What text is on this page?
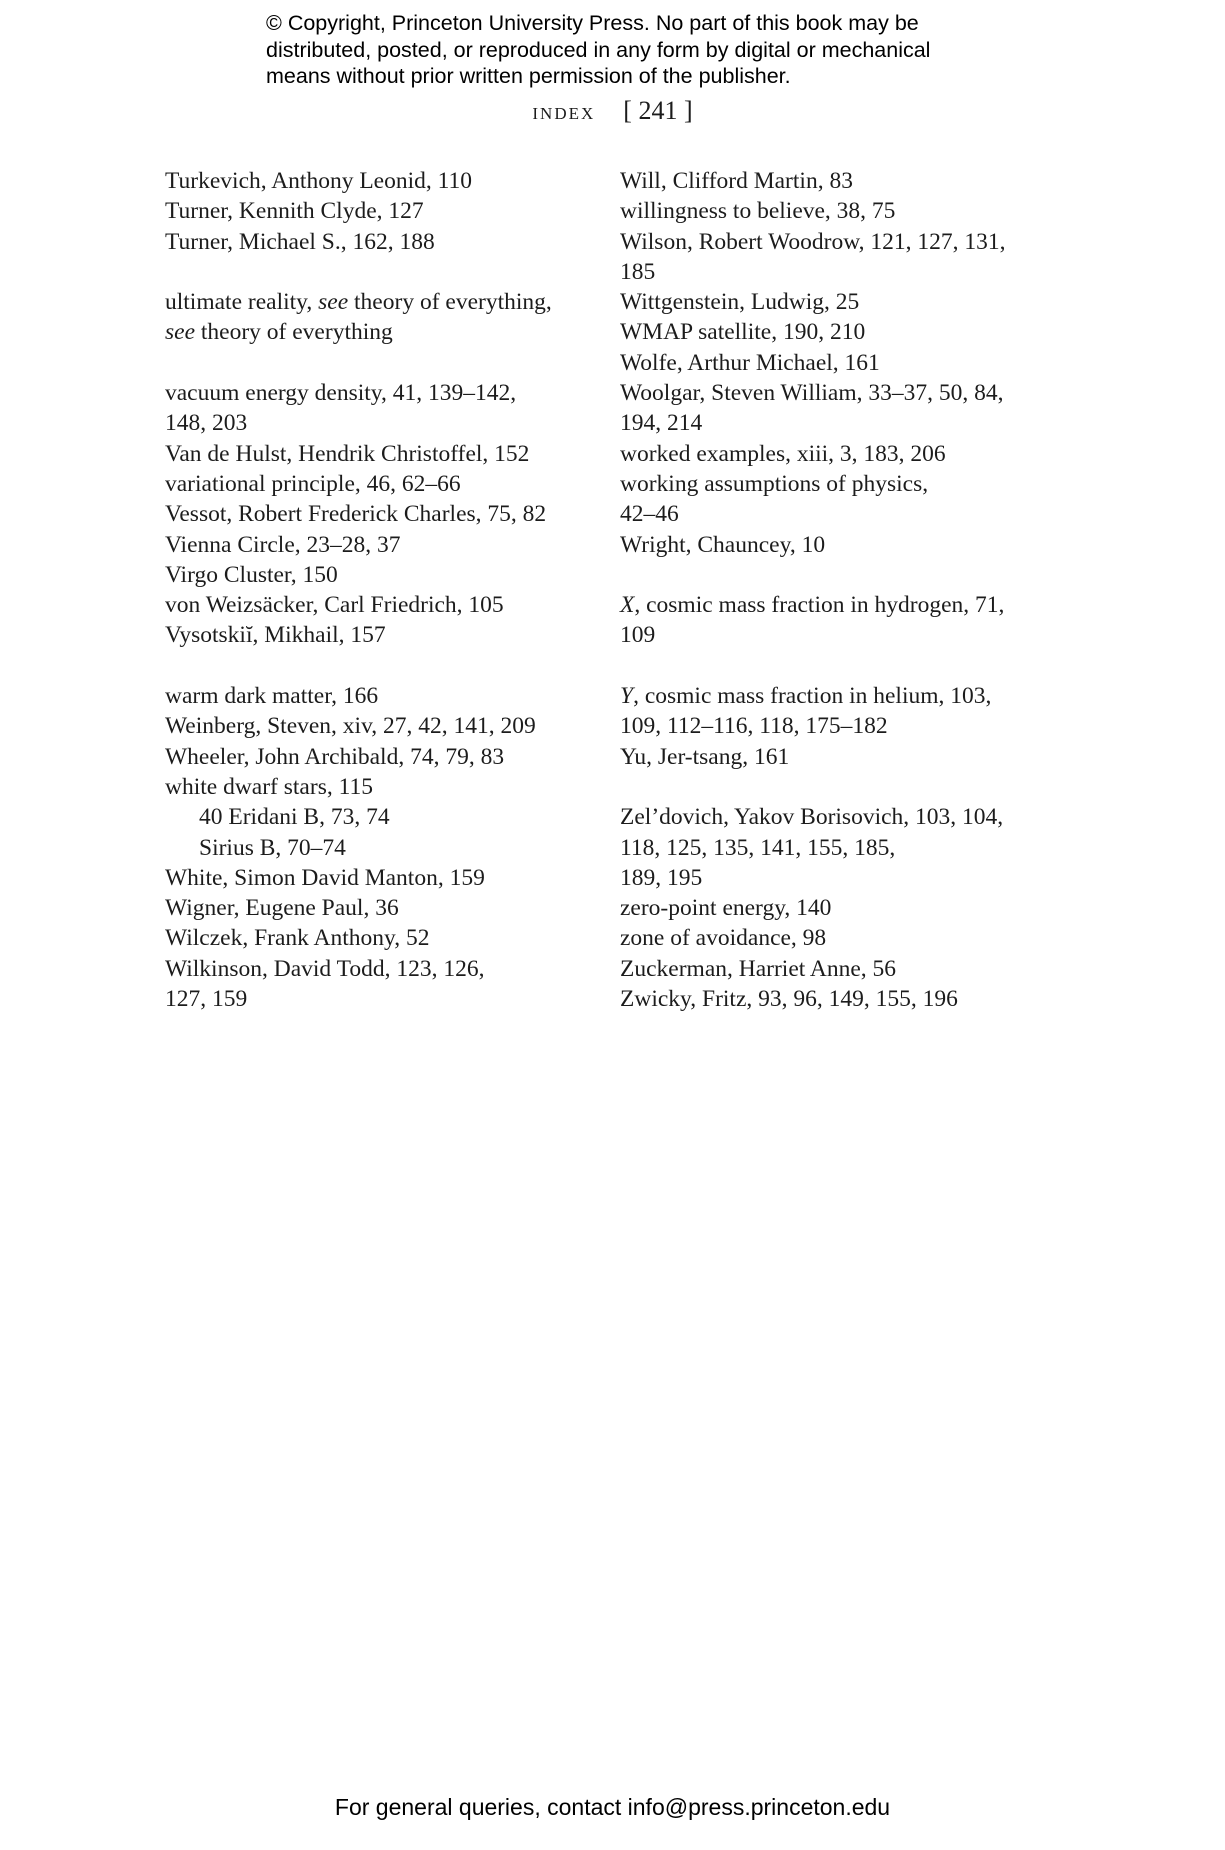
© Copyright, Princeton University Press. No part of this book may be
distributed, posted, or reproduced in any form by digital or mechanical
means without prior written permission of the publisher.
index [ 241 ]
Turkevich, Anthony Leonid, 110
Turner, Kennith Clyde, 127
Turner, Michael S., 162, 188
ultimate reality, see theory of everything,
see theory of everything
vacuum energy density, 41, 139–142,
148, 203
Van de Hulst, Hendrik Christoffel, 152
variational principle, 46, 62–66
Vessot, Robert Frederick Charles, 75, 82
Vienna Circle, 23–28, 37
Virgo Cluster, 150
von Weizsäcker, Carl Friedrich, 105
Vysotskiĭ, Mikhail, 157
warm dark matter, 166
Weinberg, Steven, xiv, 27, 42, 141, 209
Wheeler, John Archibald, 74, 79, 83
white dwarf stars, 115
40 Eridani B, 73, 74
Sirius B, 70–74
White, Simon David Manton, 159
Wigner, Eugene Paul, 36
Wilczek, Frank Anthony, 52
Wilkinson, David Todd, 123, 126,
127, 159
Will, Clifford Martin, 83
willingness to believe, 38, 75
Wilson, Robert Woodrow, 121, 127, 131,
185
Wittgenstein, Ludwig, 25
WMAP satellite, 190, 210
Wolfe, Arthur Michael, 161
Woolgar, Steven William, 33–37, 50, 84,
194, 214
worked examples, xiii, 3, 183, 206
working assumptions of physics,
42–46
Wright, Chauncey, 10
X, cosmic mass fraction in hydrogen, 71,
109
Y, cosmic mass fraction in helium, 103,
109, 112–116, 118, 175–182
Yu, Jer-tsang, 161
Zel’dovich, Yakov Borisovich, 103, 104,
118, 125, 135, 141, 155, 185,
189, 195
zero-point energy, 140
zone of avoidance, 98
Zuckerman, Harriet Anne, 56
Zwicky, Fritz, 93, 96, 149, 155, 196
For general queries, contact info@press.princeton.edu
